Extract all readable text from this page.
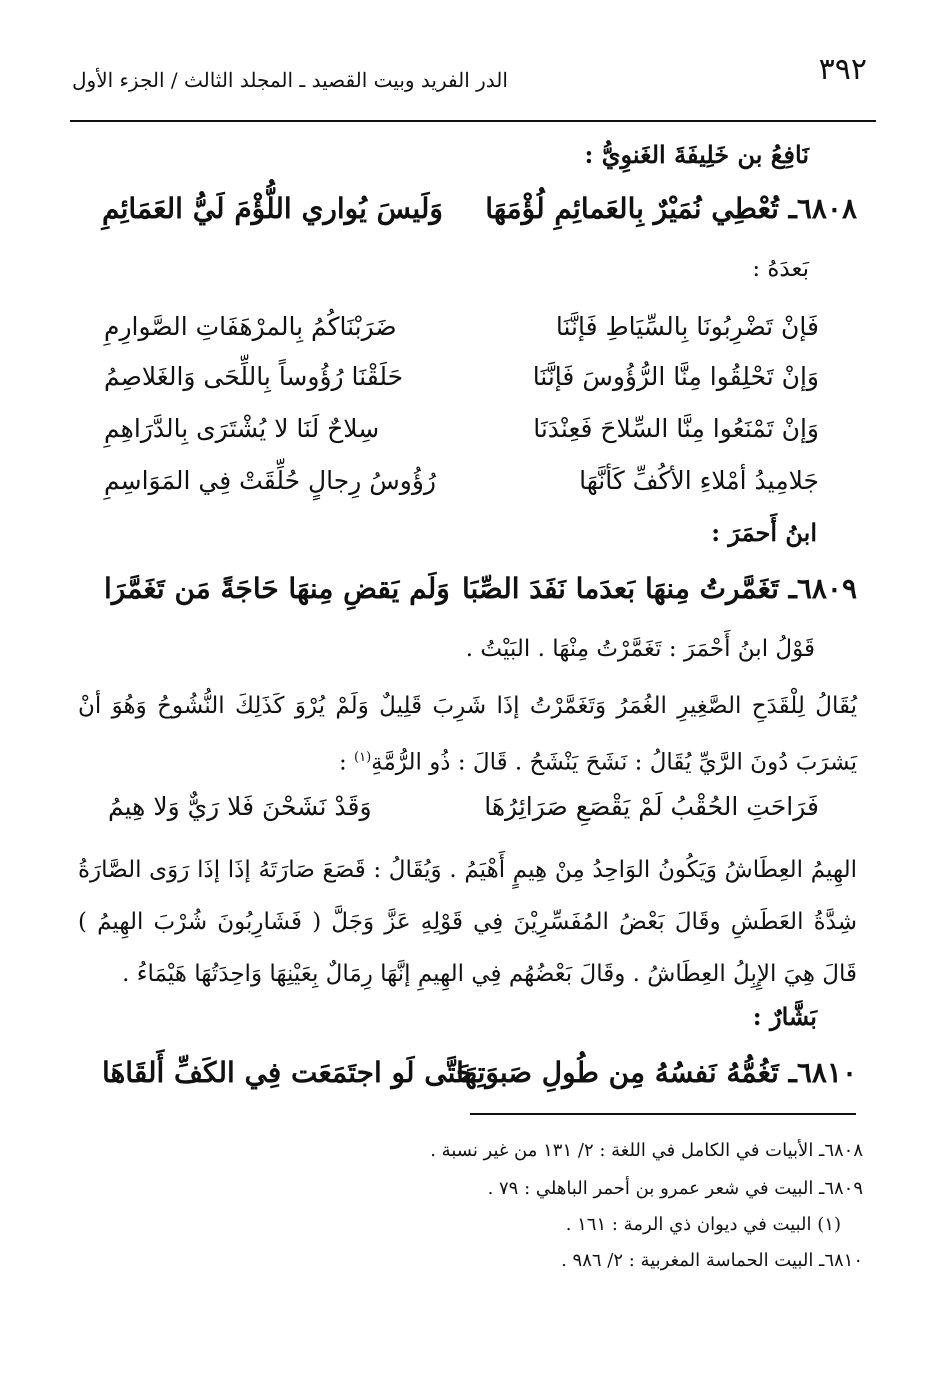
٣٩٢
الدر الفريد وبيت القصيد ـ المجلد الثالث / الجزء الأول
نَافِعُ بن خَلِيفَةَ الغَنوِيُّ :
٦٨٠٨ـ تُعْطِي نُمَيْرٌ بِالعَمائِمِ لُؤْمَهَا
وَلَيسَ يُواري اللُّؤْمَ لَيُّ العَمَائِمِ
بَعدَهُ :
فَإنْ تَضْرِبُونَا بِالسِّيَاطِ فَإنَّنَا
ضَرَبْنَاكُمُ بِالمرْهَفَاتِ الصَّوارِمِ
وَإنْ تَحْلِقُوا مِنَّا الرُّؤُوسَ فَإنَّنَا
حَلَقْنَا رُؤُوساً بِاللِّحَى وَالغَلاصِمُ
وَإنْ تَمْنَعُوا مِنَّا السِّلاحَ فَعِنْدَنَا
سِلاحٌ لَنَا لا يُشْتَرَى بِالدَّرَاهِمِ
جَلامِيدُ أمْلاءِ الأكُفِّ كَأنَّهَا
رُؤُوسُ رِجالٍ حُلِّقَتْ فِي المَوَاسِمِ
ابنُ أَحمَرَ :
٦٨٠٩ـ تَغَمَّرتُ مِنهَا بَعدَما نَفَدَ الصِّبَا
وَلَم يَقضِ مِنهَا حَاجَةً مَن تَغَمَّرَا
قَوْلُ ابنُ أَحْمَرَ : تَغَمَّرْتُ مِنْهَا . البَيْتُ .
يُقَالُ لِلْقَدَحِ الصَّغِيرِ الغُمَرُ وَتَغَمَّرْتُ إذَا شَرِبَ قَلِيلٌ وَلَمْ يُرْوَ كَذَلِكَ النُّشُوحُ وَهُوَ أنْ يَشرَبَ دُونَ الرَّيِّ يُقَالُ : نَشَحَ يَنْشَحُ . قَالَ : ذُو الرُّمَّةِ$^{(١)}$ :
فَرَاحَتِ الحُقْبُ لَمْ يَقْصَعِ صَرَائِرُهَا
وَقَدْ نَشَحْنَ فَلا رَيٌّ وَلا هِيمُ
الهِيمُ العِطَاشُ وَيَكُونُ الوَاحِدُ مِنْ هِيمٍ أَهْيَمُ . وَيُقَالُ : قَصَعَ صَارَتَهُ إذَا إذَا رَوَى الصَّارَةُ شِدَّةُ العَطَشِ وقَالَ بَعْضُ المُفَسِّرِيْنَ فِي قَوْلِهِ عَزَّ وَجَلَّ ( فَشَارِبُونَ شُرْبَ الهِيمُ ) قَالَ هِيَ الإِبِلُ العِطَاشُ . وقَالَ بَعْضُهُم فِي الهِيمِ إنَّهَا رِمَالٌ بِعَيْنِهَا وَاحِدَتُهَا هَيْمَاءُ .
بَشَّارٌ :
٦٨١٠ـ تَغُمُّهُ نَفسُهُ مِن طُولِ صَبوَتِهَا
حَتَّى لَو اجتَمَعَت فِي الكَفِّ أَلقَاهَا
٦٨٠٨ـ الأبيات في الكامل في اللغة : ٢/ ١٣١ من غير نسبة .
٦٨٠٩ـ البيت في شعر عمرو بن أحمر الباهلي : ٧٩ .
(١) البيت في ديوان ذي الرمة : ١٦١ .
٦٨١٠ـ البيت الحماسة المغربية : ٢/ ٩٨٦ .
